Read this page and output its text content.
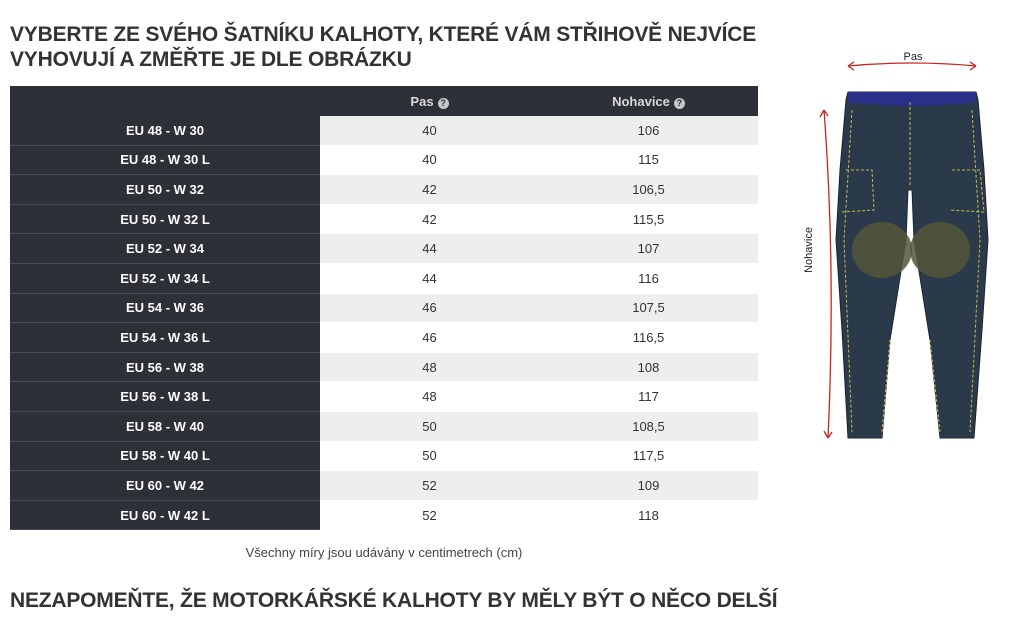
VYBERTE ZE SVÉHO ŠATNÍKU KALHOTY, KTERÉ VÁM STŘIHOVĚ NEJVÍCE VYHOVUJÍ A ZMĚŘTE JE DLE OBRÁZKU
	Pas ?	Nohavice ?
EU 48 - W 30	40	106
EU 48 - W 30 L	40	115
EU 50 - W 32	42	106,5
EU 50 - W 32 L	42	115,5
EU 52 - W 34	44	107
EU 52 - W 34 L	44	116
EU 54 - W 36	46	107,5
EU 54 - W 36 L	46	116,5
EU 56 - W 38	48	108
EU 56 - W 38 L	48	117
EU 58 - W 40	50	108,5
EU 58 - W 40 L	50	117,5
EU 60 - W 42	52	109
EU 60 - W 42 L	52	118
Všechny míry jsou udávány v centimetrech (cm)
NEZAPOMEŇTE, ŽE MOTORKÁŘSKÉ KALHOTY BY MĚLY BÝT O NĚCO DELŠÍ
Pas
Nohavice
